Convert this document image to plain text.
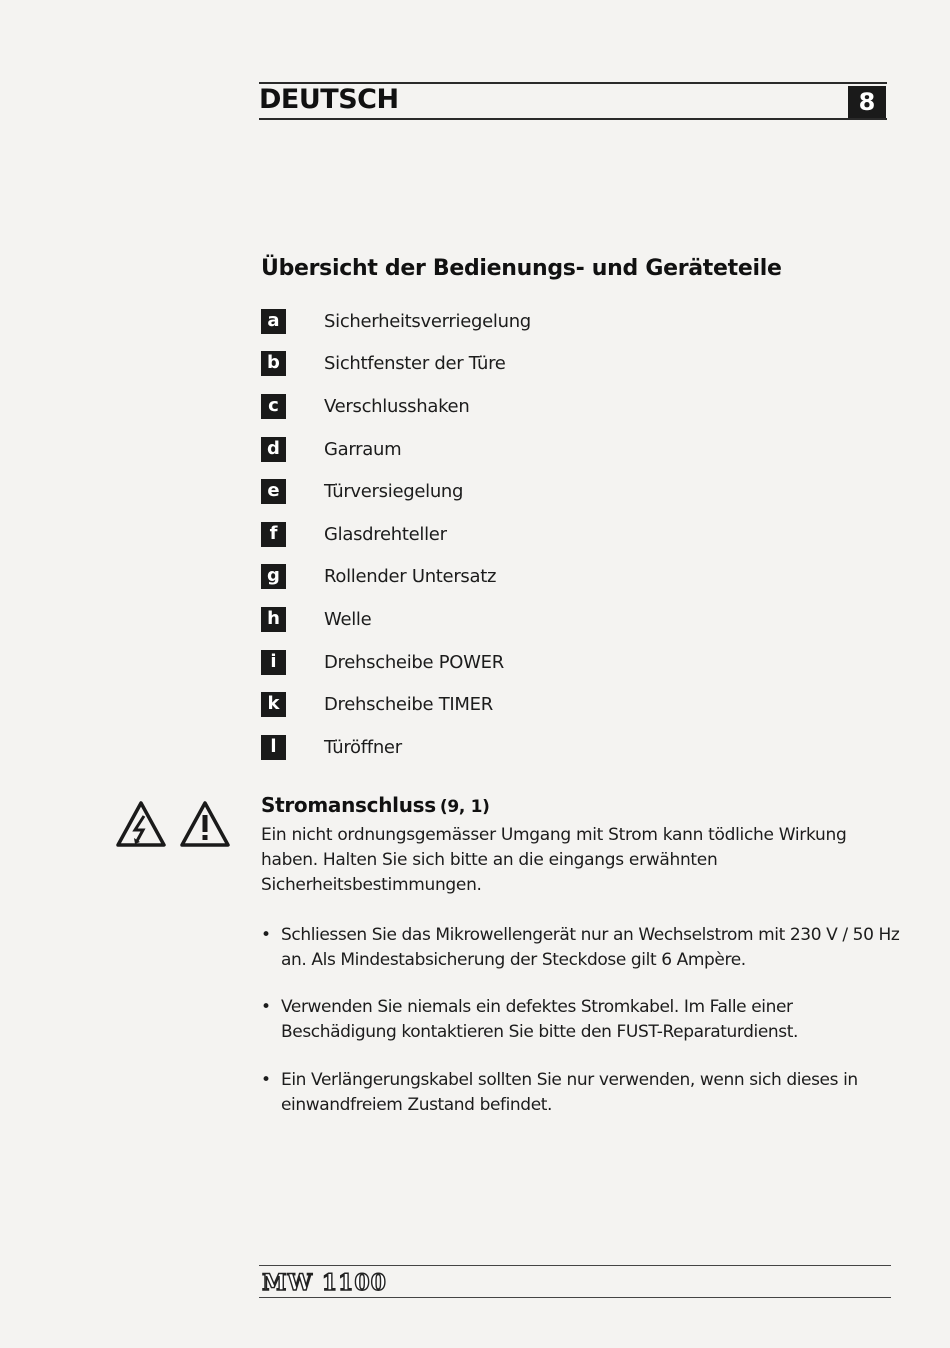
DEUTSCH	8
Übersicht der Bedienungs- und Geräteteile
a	Sicherheitsverriegelung
b	Sichtfenster der Türe
c	Verschlusshaken
d	Garraum
e	Türversiegelung
f	Glasdrehteller
g	Rollender Untersatz
h	Welle
i	Drehscheibe POWER
k	Drehscheibe TIMER
l	Türöffner
Stromanschluss (9, 1)

Ein nicht ordnungsgemässer Umgang mit Strom kann tödliche Wirkung haben. Halten Sie sich bitte an die eingangs erwähnten Sicherheitsbestimmungen.

• Schliessen Sie das Mikrowellengerät nur an Wechselstrom mit 230 V / 50 Hz an. Als Mindestabsicherung der Steckdose gilt 6 Ampère.
• Verwenden Sie niemals ein defektes Stromkabel. Im Falle einer Beschädigung kontaktieren Sie bitte den FUST-Reparaturdienst.
• Ein Verlängerungskabel sollten Sie nur verwenden, wenn sich dieses in einwandfreiem Zustand befindet.
MW 1100
